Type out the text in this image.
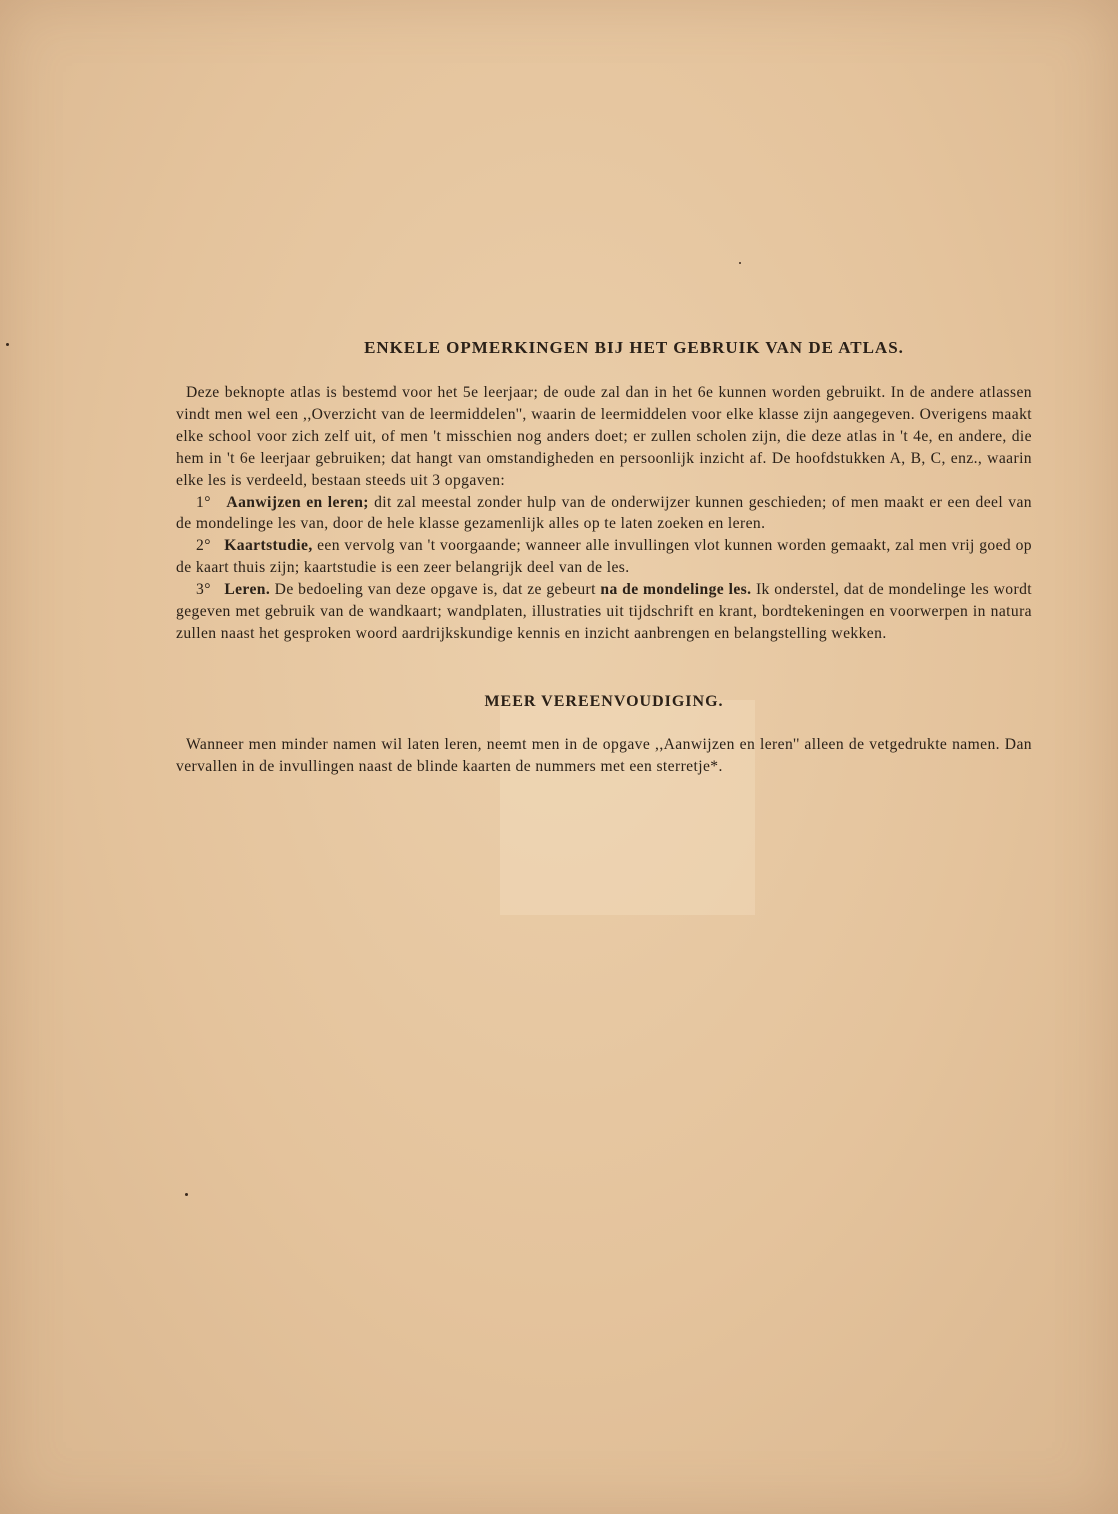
ENKELE OPMERKINGEN BIJ HET GEBRUIK VAN DE ATLAS.

Deze beknopte atlas is bestemd voor het 5e leerjaar; de oude zal dan in het 6e kunnen worden gebruikt. In de andere atlassen vindt men wel een ,,Overzicht van de leermiddelen'', waarin de leermiddelen voor elke klasse zijn aangegeven. Overigens maakt elke school voor zich zelf uit, of men 't misschien nog anders doet; er zullen scholen zijn, die deze atlas in 't 4e, en andere, die hem in 't 6e leerjaar gebruiken; dat hangt van omstandigheden en persoonlijk inzicht af. De hoofdstukken A, B, C, enz., waarin elke les is verdeeld, bestaan steeds uit 3 opgaven:

1° Aanwijzen en leren; dit zal meestal zonder hulp van de onderwijzer kunnen geschieden; of men maakt er een deel van de mondelinge les van, door de hele klasse gezamenlijk alles op te laten zoeken en leren.

2° Kaartstudie, een vervolg van 't voorgaande; wanneer alle invullingen vlot kunnen worden gemaakt, zal men vrij goed op de kaart thuis zijn; kaartstudie is een zeer belangrijk deel van de les.

3° Leren. De bedoeling van deze opgave is, dat ze gebeurt na de mondelinge les. Ik onderstel, dat de mondelinge les wordt gegeven met gebruik van de wandkaart; wandplaten, illustraties uit tijdschrift en krant, bordtekeningen en voorwerpen in natura zullen naast het gesproken woord aardrijkskundige kennis en inzicht aanbrengen en belangstelling wekken.

MEER VEREENVOUDIGING.

Wanneer men minder namen wil laten leren, neemt men in de opgave ,,Aanwijzen en leren'' alleen de vetgedrukte namen. Dan vervallen in de invullingen naast de blinde kaarten de nummers met een sterretje*.
